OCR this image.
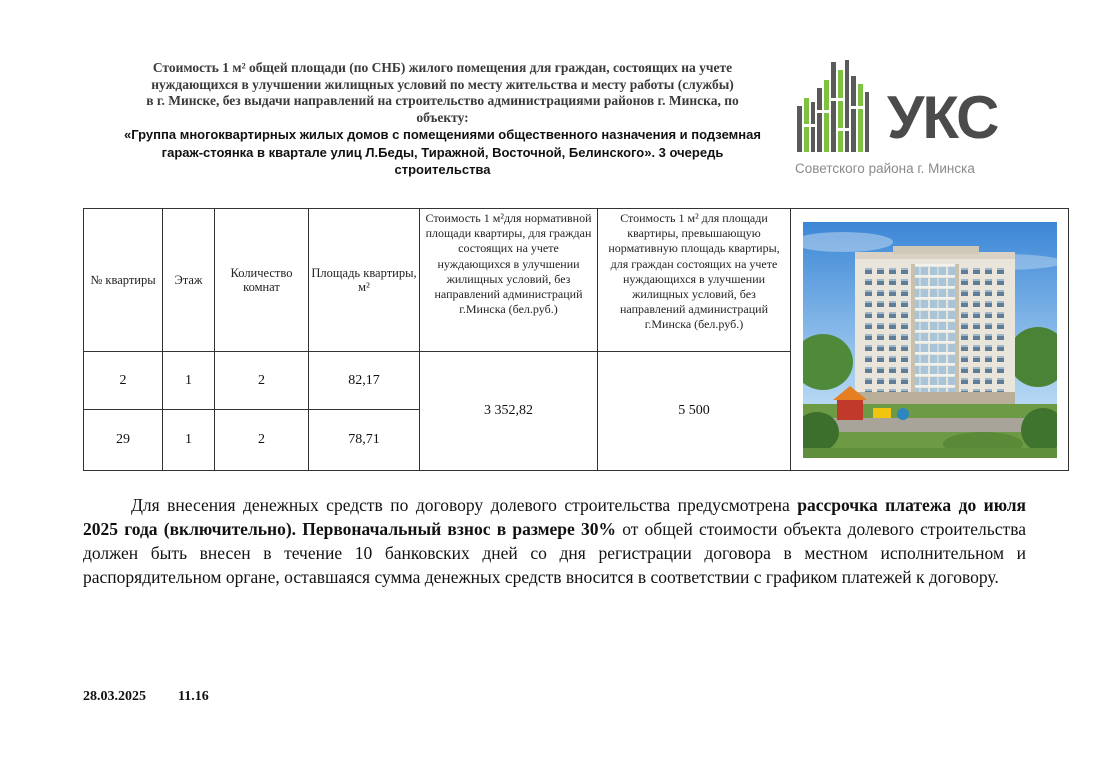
Стоимость 1 м² общей площади (по СНБ) жилого помещения для граждан, состоящих на учете
нуждающихся в улучшении жилищных условий по месту жительства и месту работы (службы)
в г. Минске, без выдачи направлений на строительство администрациями районов г. Минска, по
объекту:
«Группа многоквартирных жилых домов с помещениями общественного назначения и подземная
гараж-стоянка в квартале улиц Л.Беды, Тиражной, Восточной, Белинского». 3 очередь
строительства
УКС
Советского района г. Минска
№ квартиры	Этаж	Количество комнат	Площадь квартиры, м²	Стоимость 1 м²для нормативной площади квартиры, для граждан состоящих на учете нуждающихся в улучшении жилищных условий, без направлений администраций г.Минска (бел.руб.)	Стоимость 1 м² для площади квартиры, превышающую нормативную площадь квартиры, для граждан состоящих на учете нуждающихся в улучшении жилищных условий, без направлений администраций г.Минска (бел.руб.)	

2	1	2	82,17	3 352,82	5 500	
29	1	2	78,71			
Для внесения денежных средств по договору долевого строительства предусмотрена рассрочка платежа до июля 2025 года (включительно). Первоначальный взнос в размере 30% от общей стоимости объекта долевого строительства должен быть внесен в течение 10 банковских дней со дня регистрации договора в местном исполнительном и распорядительном органе, оставшаяся сумма денежных средств вносится в соответствии с графиком платежей к договору.
28.03.2025 11.16
